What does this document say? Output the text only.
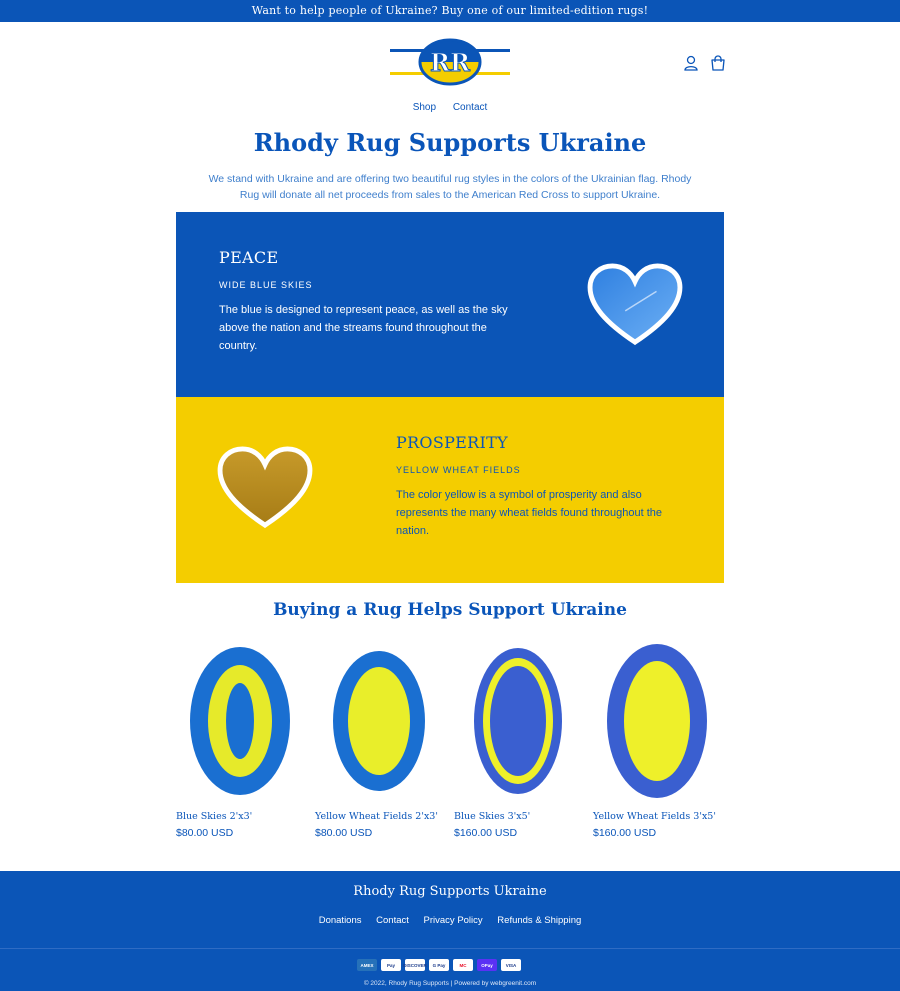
Want to help people of Ukraine? Buy one of our limited-edition rugs!
RR
Shop Contact
Rhody Rug Supports Ukraine

We stand with Ukraine and are offering two beautiful rug styles in the colors of the Ukrainian flag. Rhody Rug will donate all net proceeds from sales to the American Red Cross to support Ukraine.

PEACE
WIDE BLUE SKIES
The blue is designed to represent peace, as well as the sky above the nation and the streams found throughout the country.
PROSPERITY
YELLOW WHEAT FIELDS
The color yellow is a symbol of prosperity and also represents the many wheat fields found throughout the nation.
Buying a Rug Helps Support Ukraine
Blue Skies 2'x3'
$80.00 USD
Yellow Wheat Fields 2'x3'
$80.00 USD
Blue Skies 3'x5'
$160.00 USD
Yellow Wheat Fields 3'x5'
$160.00 USD
Rhody Rug Supports Ukraine
Donations Contact Privacy Policy Refunds & Shipping
AMEX	Pay	DISCOVER	G Pay	MC	OPay	VISA
© 2022, Rhody Rug Supports | Powered by webgreenit.com
